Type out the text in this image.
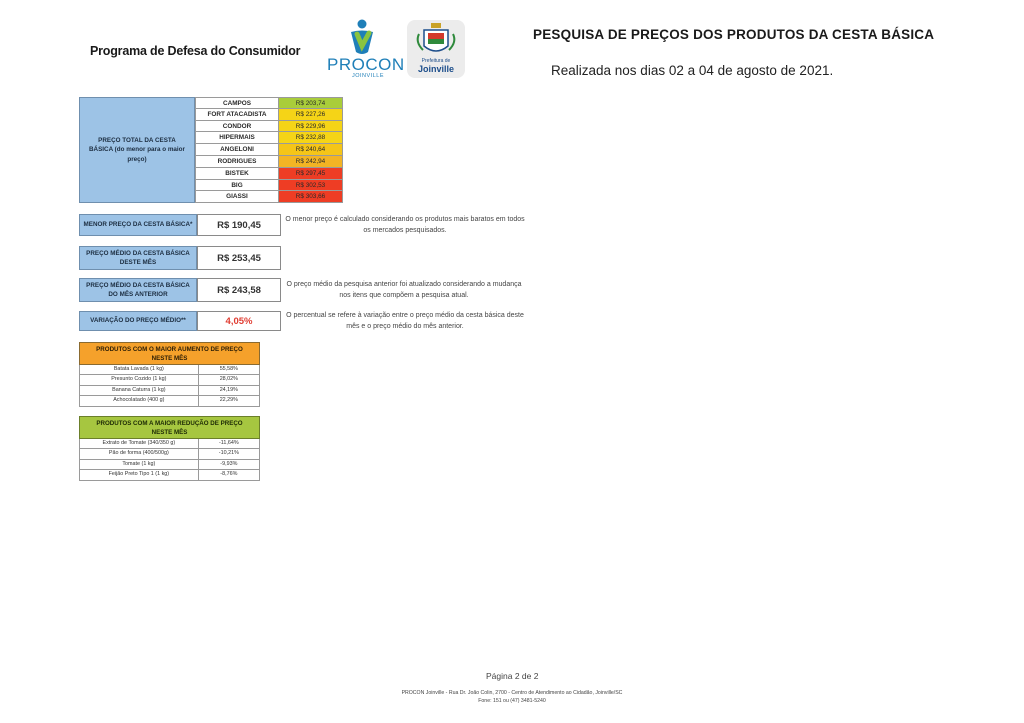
Programa de Defesa do Consumidor
PROCON
JOINVILLE
Prefeitura de
Joinville
PESQUISA DE PREÇOS DOS PRODUTOS DA CESTA BÁSICA
Realizada nos dias 02 a 04 de agosto de 2021.
PREÇO TOTAL DA CESTA BÁSICA (do menor para o maior preço)
CAMPOS	R$ 203,74
FORT ATACADISTA	R$ 227,26
CONDOR	R$ 229,96
HIPERMAIS	R$ 232,88
ANGELONI	R$ 240,64
RODRIGUES	R$ 242,94
BISTEK	R$ 297,45
BIG	R$ 302,53
GIASSI	R$ 303,66
MENOR PREÇO DA CESTA BÁSICA*	R$ 190,45	O menor preço é calculado considerando os produtos mais baratos em todos os mercados pesquisados.
PREÇO MÉDIO DA CESTA BÁSICA DESTE MÊS	R$ 253,45
PREÇO MÉDIO DA CESTA BÁSICA DO MÊS ANTERIOR	R$ 243,58	O preço médio da pesquisa anterior foi atualizado considerando a mudança nos itens que compõem a pesquisa atual.
VARIAÇÃO DO PREÇO MÉDIO**	4,05%	O percentual se refere à variação entre o preço médio da cesta básica deste mês e o preço médio do mês anterior.
PRODUTOS COM O MAIOR AUMENTO DE PREÇO NESTE MÊS
Batata Lavada (1 kg)	55,58%
Presunto Cozido (1 kg)	28,02%
Banana Caturra (1 kg)	24,19%
Achocolatado (400 g)	22,29%
PRODUTOS COM A MAIOR REDUÇÃO DE PREÇO NESTE MÊS
Extrato de Tomate (340/350 g)	-11,64%
Pão de forma (400/500g)	-10,21%
Tomate (1 kg)	-9,93%
Feijão Preto Tipo 1 (1 kg)	-8,76%
Página 2 de 2
PROCON Joinville - Rua Dr. João Colin, 2700 - Centro de Atendimento ao Cidadão, Joinville/SC
Fone: 151 ou (47) 3481-5240
